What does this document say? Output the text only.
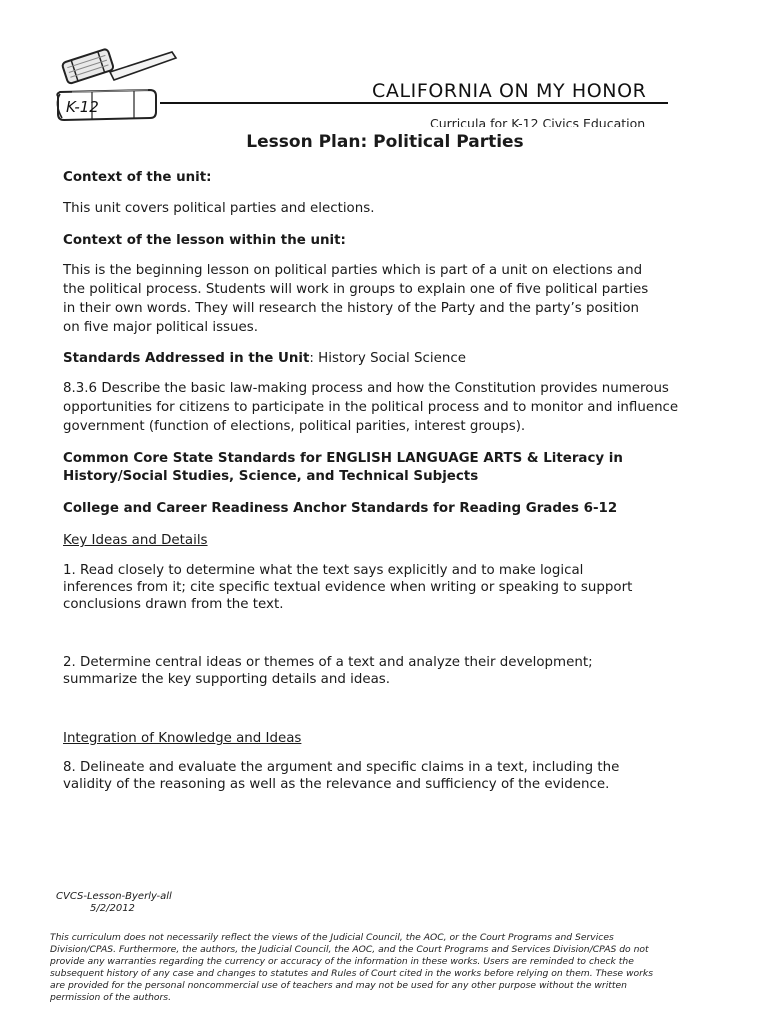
K-12
CALIFORNIA ON MY HONOR
Curricula for K-12 Civics Education
Lesson Plan: Political Parties
Context of the unit:
This unit covers political parties and elections.
Context of the lesson within the unit:
This is the beginning lesson on political parties which is part of a unit on elections and
the political process. Students will work in groups to explain one of five political parties
in their own words. They will research the history of the Party and the party’s position
on five major political issues.
Standards Addressed in the Unit: History Social Science
8.3.6 Describe the basic law-making process and how the Constitution provides numerous
opportunities for citizens to participate in the political process and to monitor and influence
government (function of elections, political parities, interest groups).
Common Core State Standards for ENGLISH LANGUAGE ARTS & Literacy in
History/Social Studies, Science, and Technical Subjects
College and Career Readiness Anchor Standards for Reading Grades 6-12
Key Ideas and Details
1. Read closely to determine what the text says explicitly and to make logical
inferences from it; cite specific textual evidence when writing or speaking to support
conclusions drawn from the text.
2. Determine central ideas or themes of a text and analyze their development;
summarize the key supporting details and ideas.
Integration of Knowledge and Ideas
8. Delineate and evaluate the argument and specific claims in a text, including the
validity of the reasoning as well as the relevance and sufficiency of the evidence.
CVCS-Lesson-Byerly-all
5/2/2012
This curriculum does not necessarily reflect the views of the Judicial Council, the AOC, or the Court Programs and Services
Division/CPAS. Furthermore, the authors, the Judicial Council, the AOC, and the Court Programs and Services Division/CPAS do not
provide any warranties regarding the currency or accuracy of the information in these works. Users are reminded to check the
subsequent history of any case and changes to statutes and Rules of Court cited in the works before relying on them. These works
are provided for the personal noncommercial use of teachers and may not be used for any other purpose without the written
permission of the authors.
